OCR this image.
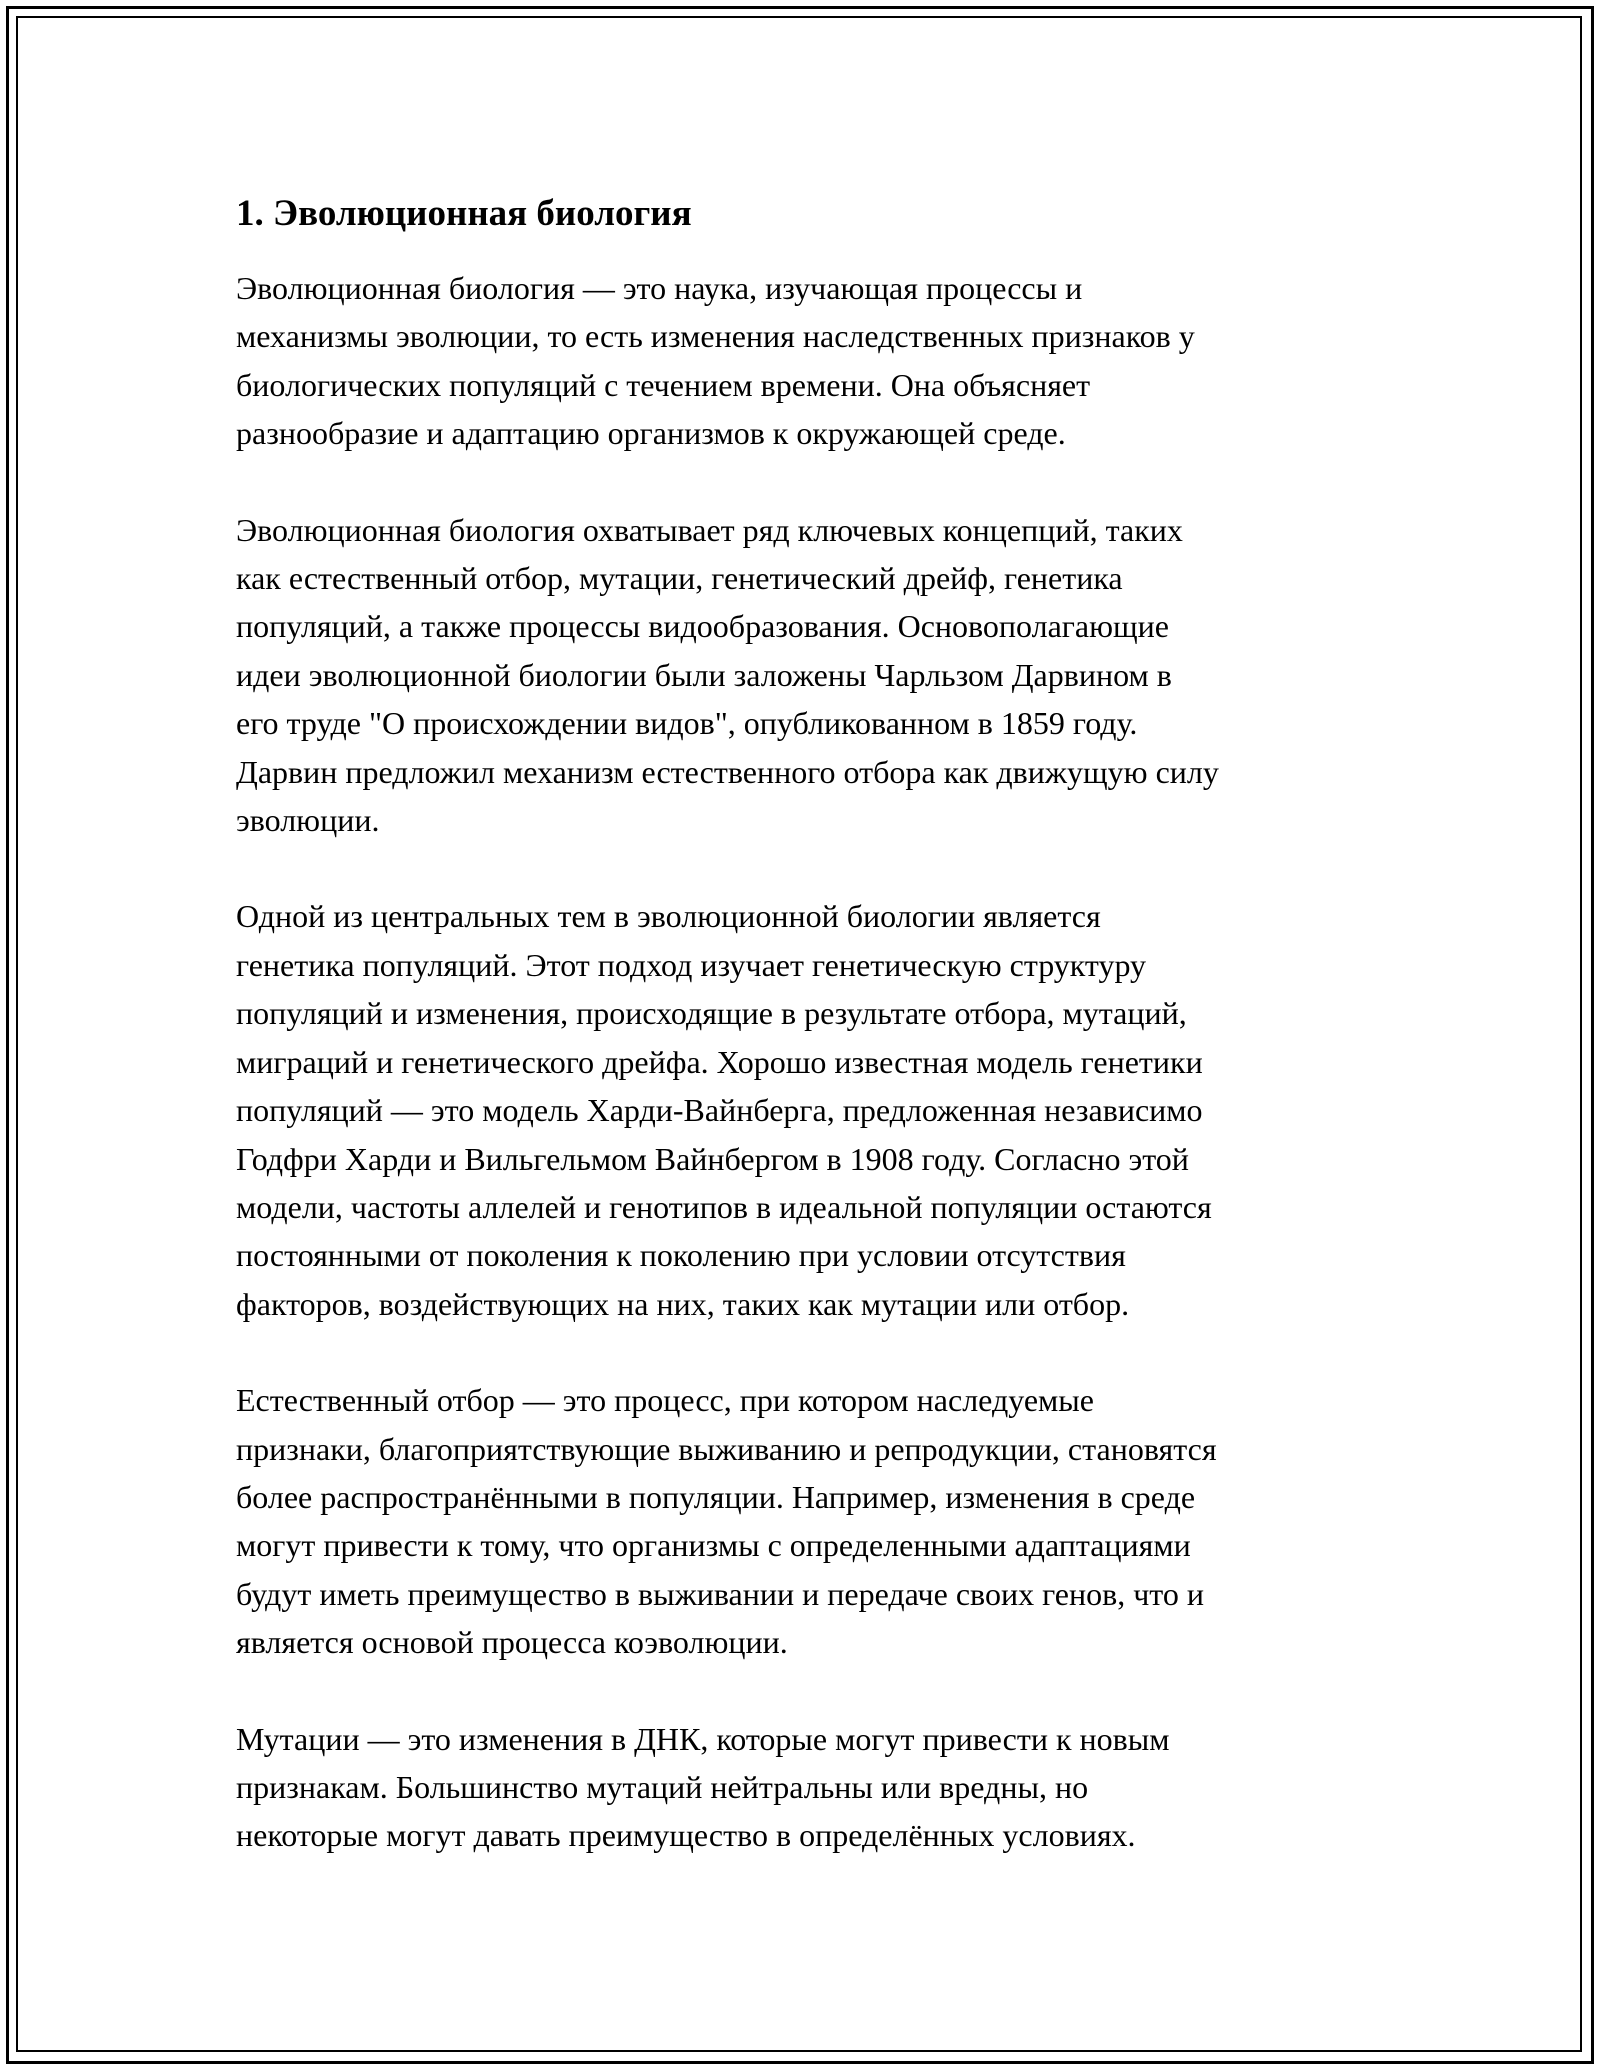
1. Эволюционная биология

Эволюционная биология — это наука, изучающая процессы и
механизмы эволюции, то есть изменения наследственных признаков у
биологических популяций с течением времени. Она объясняет
разнообразие и адаптацию организмов к окружающей среде.

Эволюционная биология охватывает ряд ключевых концепций, таких
как естественный отбор, мутации, генетический дрейф, генетика
популяций, а также процессы видообразования. Основополагающие
идеи эволюционной биологии были заложены Чарльзом Дарвином в
его труде "О происхождении видов", опубликованном в 1859 году.
Дарвин предложил механизм естественного отбора как движущую силу
эволюции.

Одной из центральных тем в эволюционной биологии является
генетика популяций. Этот подход изучает генетическую структуру
популяций и изменения, происходящие в результате отбора, мутаций,
миграций и генетического дрейфа. Хорошо известная модель генетики
популяций — это модель Харди-Вайнберга, предложенная независимо
Годфри Харди и Вильгельмом Вайнбергом в 1908 году. Согласно этой
модели, частоты аллелей и генотипов в идеальной популяции остаются
постоянными от поколения к поколению при условии отсутствия
факторов, воздействующих на них, таких как мутации или отбор.

Естественный отбор — это процесс, при котором наследуемые
признаки, благоприятствующие выживанию и репродукции, становятся
более распространёнными в популяции. Например, изменения в среде
могут привести к тому, что организмы с определенными адаптациями
будут иметь преимущество в выживании и передаче своих генов, что и
является основой процесса коэволюции.

Мутации — это изменения в ДНК, которые могут привести к новым
признакам. Большинство мутаций нейтральны или вредны, но
некоторые могут давать преимущество в определённых условиях.
